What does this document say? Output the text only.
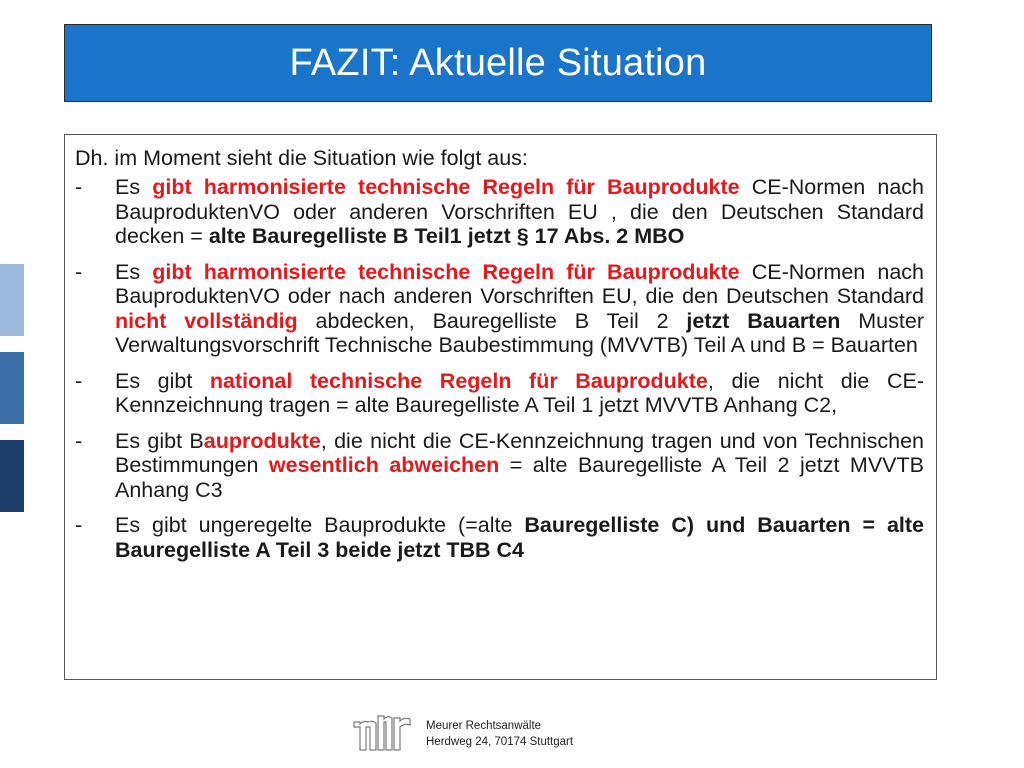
FAZIT: Aktuelle Situation

Dh. im Moment sieht die Situation wie folgt aus:

- Es gibt harmonisierte technische Regeln für Bauprodukte CE-Normen nach BauproduktenVO oder anderen Vorschriften EU , die den Deutschen Standard decken = alte Bauregelliste B Teil1 jetzt § 17 Abs. 2 MBO
- Es gibt harmonisierte technische Regeln für Bauprodukte CE-Normen nach BauproduktenVO oder nach anderen Vorschriften EU, die den Deutschen Standard nicht vollständig abdecken, Bauregelliste B Teil 2 jetzt Bauarten Muster Verwaltungsvorschrift Technische Baubestimmung (MVVTB) Teil A und B = Bauarten
- Es gibt national technische Regeln für Bauprodukte, die nicht die CE-Kennzeichnung tragen = alte Bauregelliste A Teil 1 jetzt MVVTB Anhang C2,
- Es gibt Bauprodukte, die nicht die CE-Kennzeichnung tragen und von Technischen Bestimmungen wesentlich abweichen = alte Bauregelliste A Teil 2 jetzt MVVTB Anhang C3
- Es gibt ungeregelte Bauprodukte (=alte Bauregelliste C) und Bauarten = alte Bauregelliste A Teil 3 beide jetzt TBB C4
Meurer Rechtsanwälte
Herdweg 24, 70174 Stuttgart
